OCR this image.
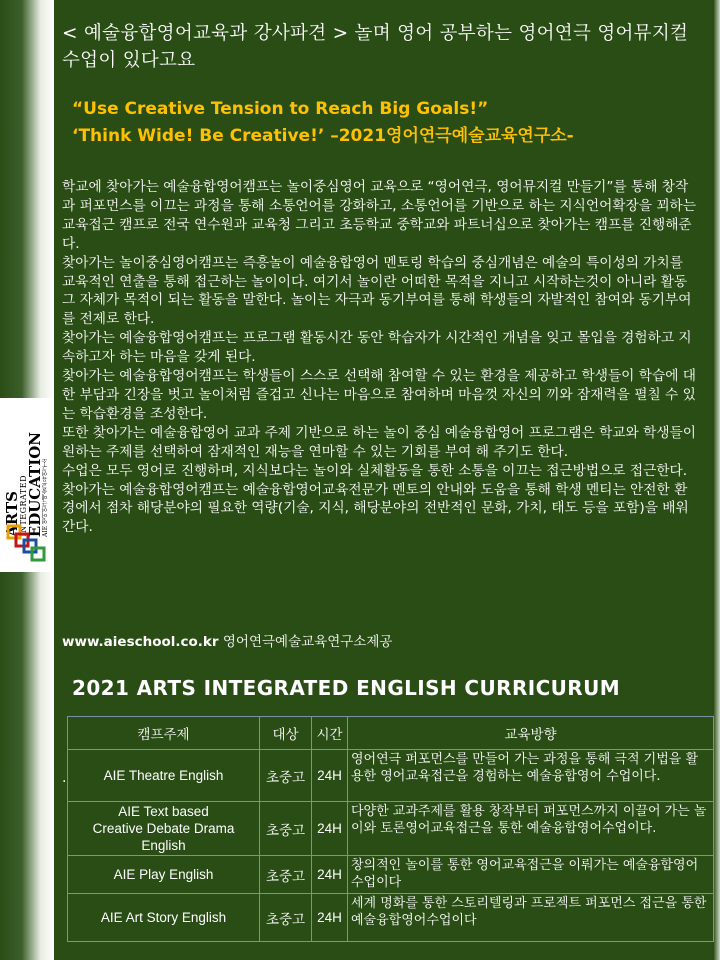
ARTS
INTEGRATED
EDUCATION
AIE 영어연극예술교육연구소
< 예술융합영어교육과 강사파견 > 놀며 영어 공부하는 영어연극 영어뮤지컬 수업이 있다고요
“Use Creative Tension to Reach Big Goals!”
‘Think Wide! Be Creative!’ –2021영어연극예술교육연구소-

학교에 찾아가는 예술융합영어캠프는 놀이중심영어 교육으로 “영어연극, 영어뮤지컬 만들기”를 통해 창작과 퍼포먼스를 이끄는 과정을 통해 소통언어를 강화하고, 소통언어를 기반으로 하는 지식언어확장을 꾀하는 교육접근 캠프로 전국 연수원과 교육청 그리고 초등학교 중학교와 파트너십으로 찾아가는 캠프를 진행해준다.

찾아가는 놀이중심영어캠프는 즉흥놀이 예술융합영어 멘토링 학습의 중심개념은 예술의 특이성의 가치를 교육적인 연출을 통해 접근하는 놀이이다. 여기서 놀이란 어떠한 목적을 지니고 시작하는것이 아니라 활동 그 자체가 목적이 되는 활동을 말한다. 놀이는 자극과 동기부여를 통해 학생들의 자발적인 참여와 동기부여를 전제로 한다.

찾아가는 예술융합영어캠프는 프로그램 활동시간 동안 학습자가 시간적인 개념을 잊고 몰입을 경험하고 지속하고자 하는 마음을 갖게 된다.

찾아가는 예술융합영어캠프는 학생들이 스스로 선택해 참여할 수 있는 환경을 제공하고 학생들이 학습에 대한 부담과 긴장을 벗고 놀이처럼 즐겁고 신나는 마음으로 참여하며 마음껏 자신의 끼와 잠재력을 펼칠 수 있는 학습환경을 조성한다.

또한 찾아가는 예술융합영어 교과 주제 기반으로 하는 놀이 중심 예술융합영어 프로그램은 학교와 학생들이 원하는 주제를 선택하여 잠재적인 재능을 연마할 수 있는 기회를 부여 해 주기도 한다.

수업은 모두 영어로 진행하며, 지식보다는 놀이와 실체활동을 통한 소통을 이끄는 접근방법으로 접근한다.

찾아가는 예술융합영어캠프는 예술융합영어교육전문가 멘토의 안내와 도움을 통해 학생 멘티는 안전한 환경에서 점차 해당분야의 필요한 역량(기술, 지식, 해당분야의 전반적인 문화, 가치, 태도 등을 포함)을 배워간다.

www.aieschool.co.kr 영어연극예술교육연구소제공
2021 ARTS INTEGRATED ENGLISH CURRICURUM
.
캠프주제	대상	시간	교육방향
AIE Theatre English	초중고	24H	영어연극 퍼포먼스를 만들어 가는 과정을 통해 극적 기법을 활용한 영어교육접근을 경험하는 예술융합영어 수업이다.
AIE Text based
Creative Debate Drama
English	초중고	24H	다양한 교과주제를 활용 창작부터 퍼포먼스까지 이끌어 가는 놀이와 토론영어교육접근을 통한 예술융합영어수업이다.
AIE Play English	초중고	24H	창의적인 놀이를 통한 영어교육접근을 이뤄가는 예술융합영어수업이다
AIE Art Story English	초중고	24H	세계 명화를 통한 스토리텔링과 프로젝트 퍼포먼스 접근을 통한 예술융합영어수업이다
